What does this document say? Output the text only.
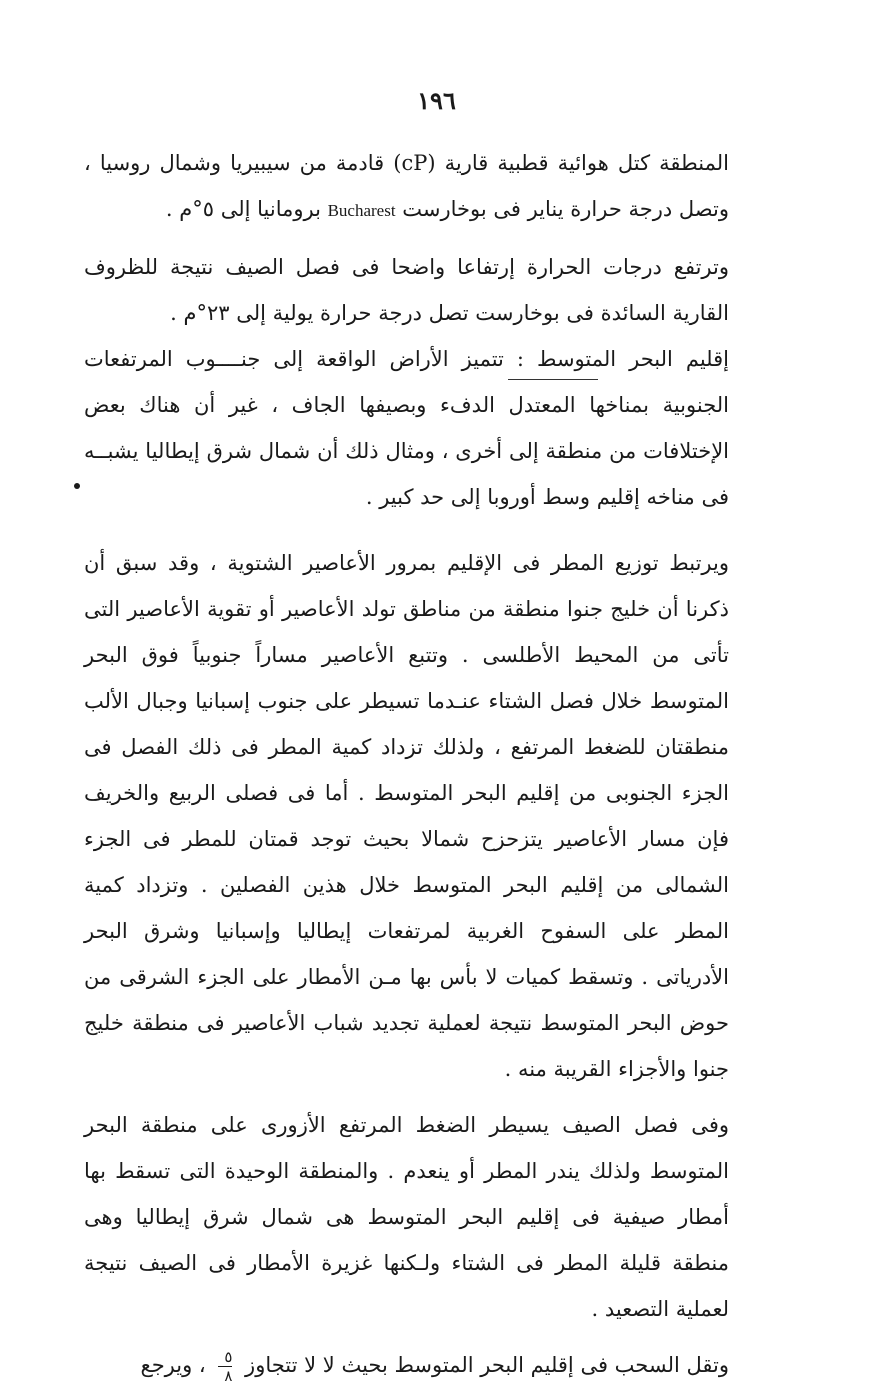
١٩٦

المنطقة كتل هوائية قطبية قارية (cP) قادمة من سيبيريا وشمال روسيا ، وتصل درجة حرارة يناير فى بوخارست Bucharest برومانيا إلى ٥°م .

وترتفع درجات الحرارة إرتفاعا واضحا فى فصل الصيف نتيجة للظروف القارية السائدة فى بوخارست تصل درجة حرارة يولية إلى ٢٣°م .

إقليم البحر المتوسط : تتميز الأراض الواقعة إلى جنــــوب المرتفعات الجنوبية بمناخها المعتدل الدفء وبصيفها الجاف ، غير أن هناك بعض الإختلافات من منطقة إلى أخرى ، ومثال ذلك أن شمال شرق إيطاليا يشبــه فى مناخه إقليم وسط أوروبا إلى حد كبير .

ويرتبط توزيع المطر فى الإقليم بمرور الأعاصير الشتوية ، وقد سبق أن ذكرنا أن خليج جنوا منطقة من مناطق تولد الأعاصير أو تقوية الأعاصير التى تأتى من المحيط الأطلسى . وتتبع الأعاصير مساراً جنوبياً فوق البحر المتوسط خلال فصل الشتاء عنـدما تسيطر على جنوب إسبانيا وجبال الألب منطقتان للضغط المرتفع ، ولذلك تزداد كمية المطر فى ذلك الفصل فى الجزء الجنوبى من إقليم البحر المتوسط . أما فى فصلى الربيع والخريف فإن مسار الأعاصير يتزحزح شمالا بحيث توجد قمتان للمطر فى الجزء الشمالى من إقليم البحر المتوسط خلال هذين الفصلين . وتزداد كمية المطر على السفوح الغربية لمرتفعات إيطاليا وإسبانيا وشرق البحر الأدرياتى . وتسقط كميات لا بأس بها مـن الأمطار على الجزء الشرقى من حوض البحر المتوسط نتيجة لعملية تجديد شباب الأعاصير فى منطقة خليج جنوا والأجزاء القريبة منه .

وفى فصل الصيف يسيطر الضغط المرتفع الأزورى على منطقة البحر المتوسط ولذلك يندر المطر أو ينعدم . والمنطقة الوحيدة التى تسقط بها أمطار صيفية فى إقليم البحر المتوسط هى شمال شرق إيطاليا وهى منطقة قليلة المطر فى الشتاء ولـكنها غزيرة الأمطار فى الصيف نتيجة لعملية التصعيد .

وتقل السحب فى إقليم البحر المتوسط بحيث لا لا تتجاوز
$\frac{٥}{٨}$
، ويرجع
